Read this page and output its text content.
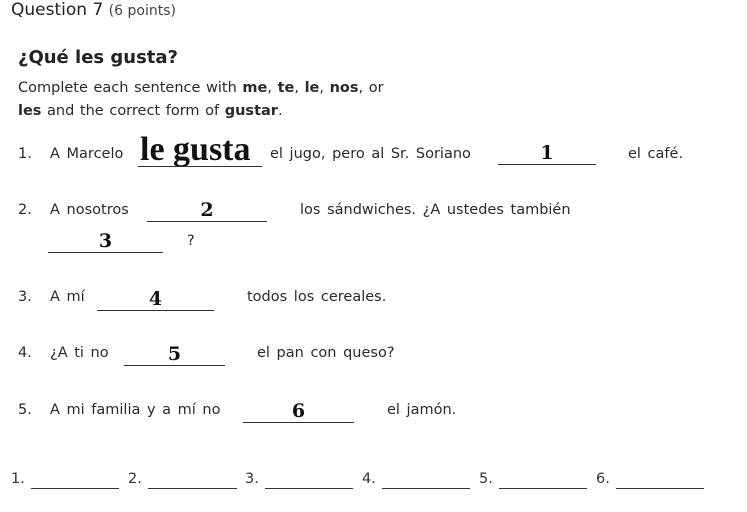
Question 7 (6 points)
¿Qué les gusta?
Complete each sentence with me, te, le, nos, or
les and the correct form of gustar.
1. A Marcelo le gusta el jugo, pero al Sr. Soriano	1	el café.
2. A nosotros	2	los sándwiches. ¿A ustedes también
3	?
3. A mí	4	todos los cereales.
4. ¿A ti no	5	el pan con queso?
5. A mi familia y a mí no	6	el jamón.
1.	2.	3.	4.	5.	6.
